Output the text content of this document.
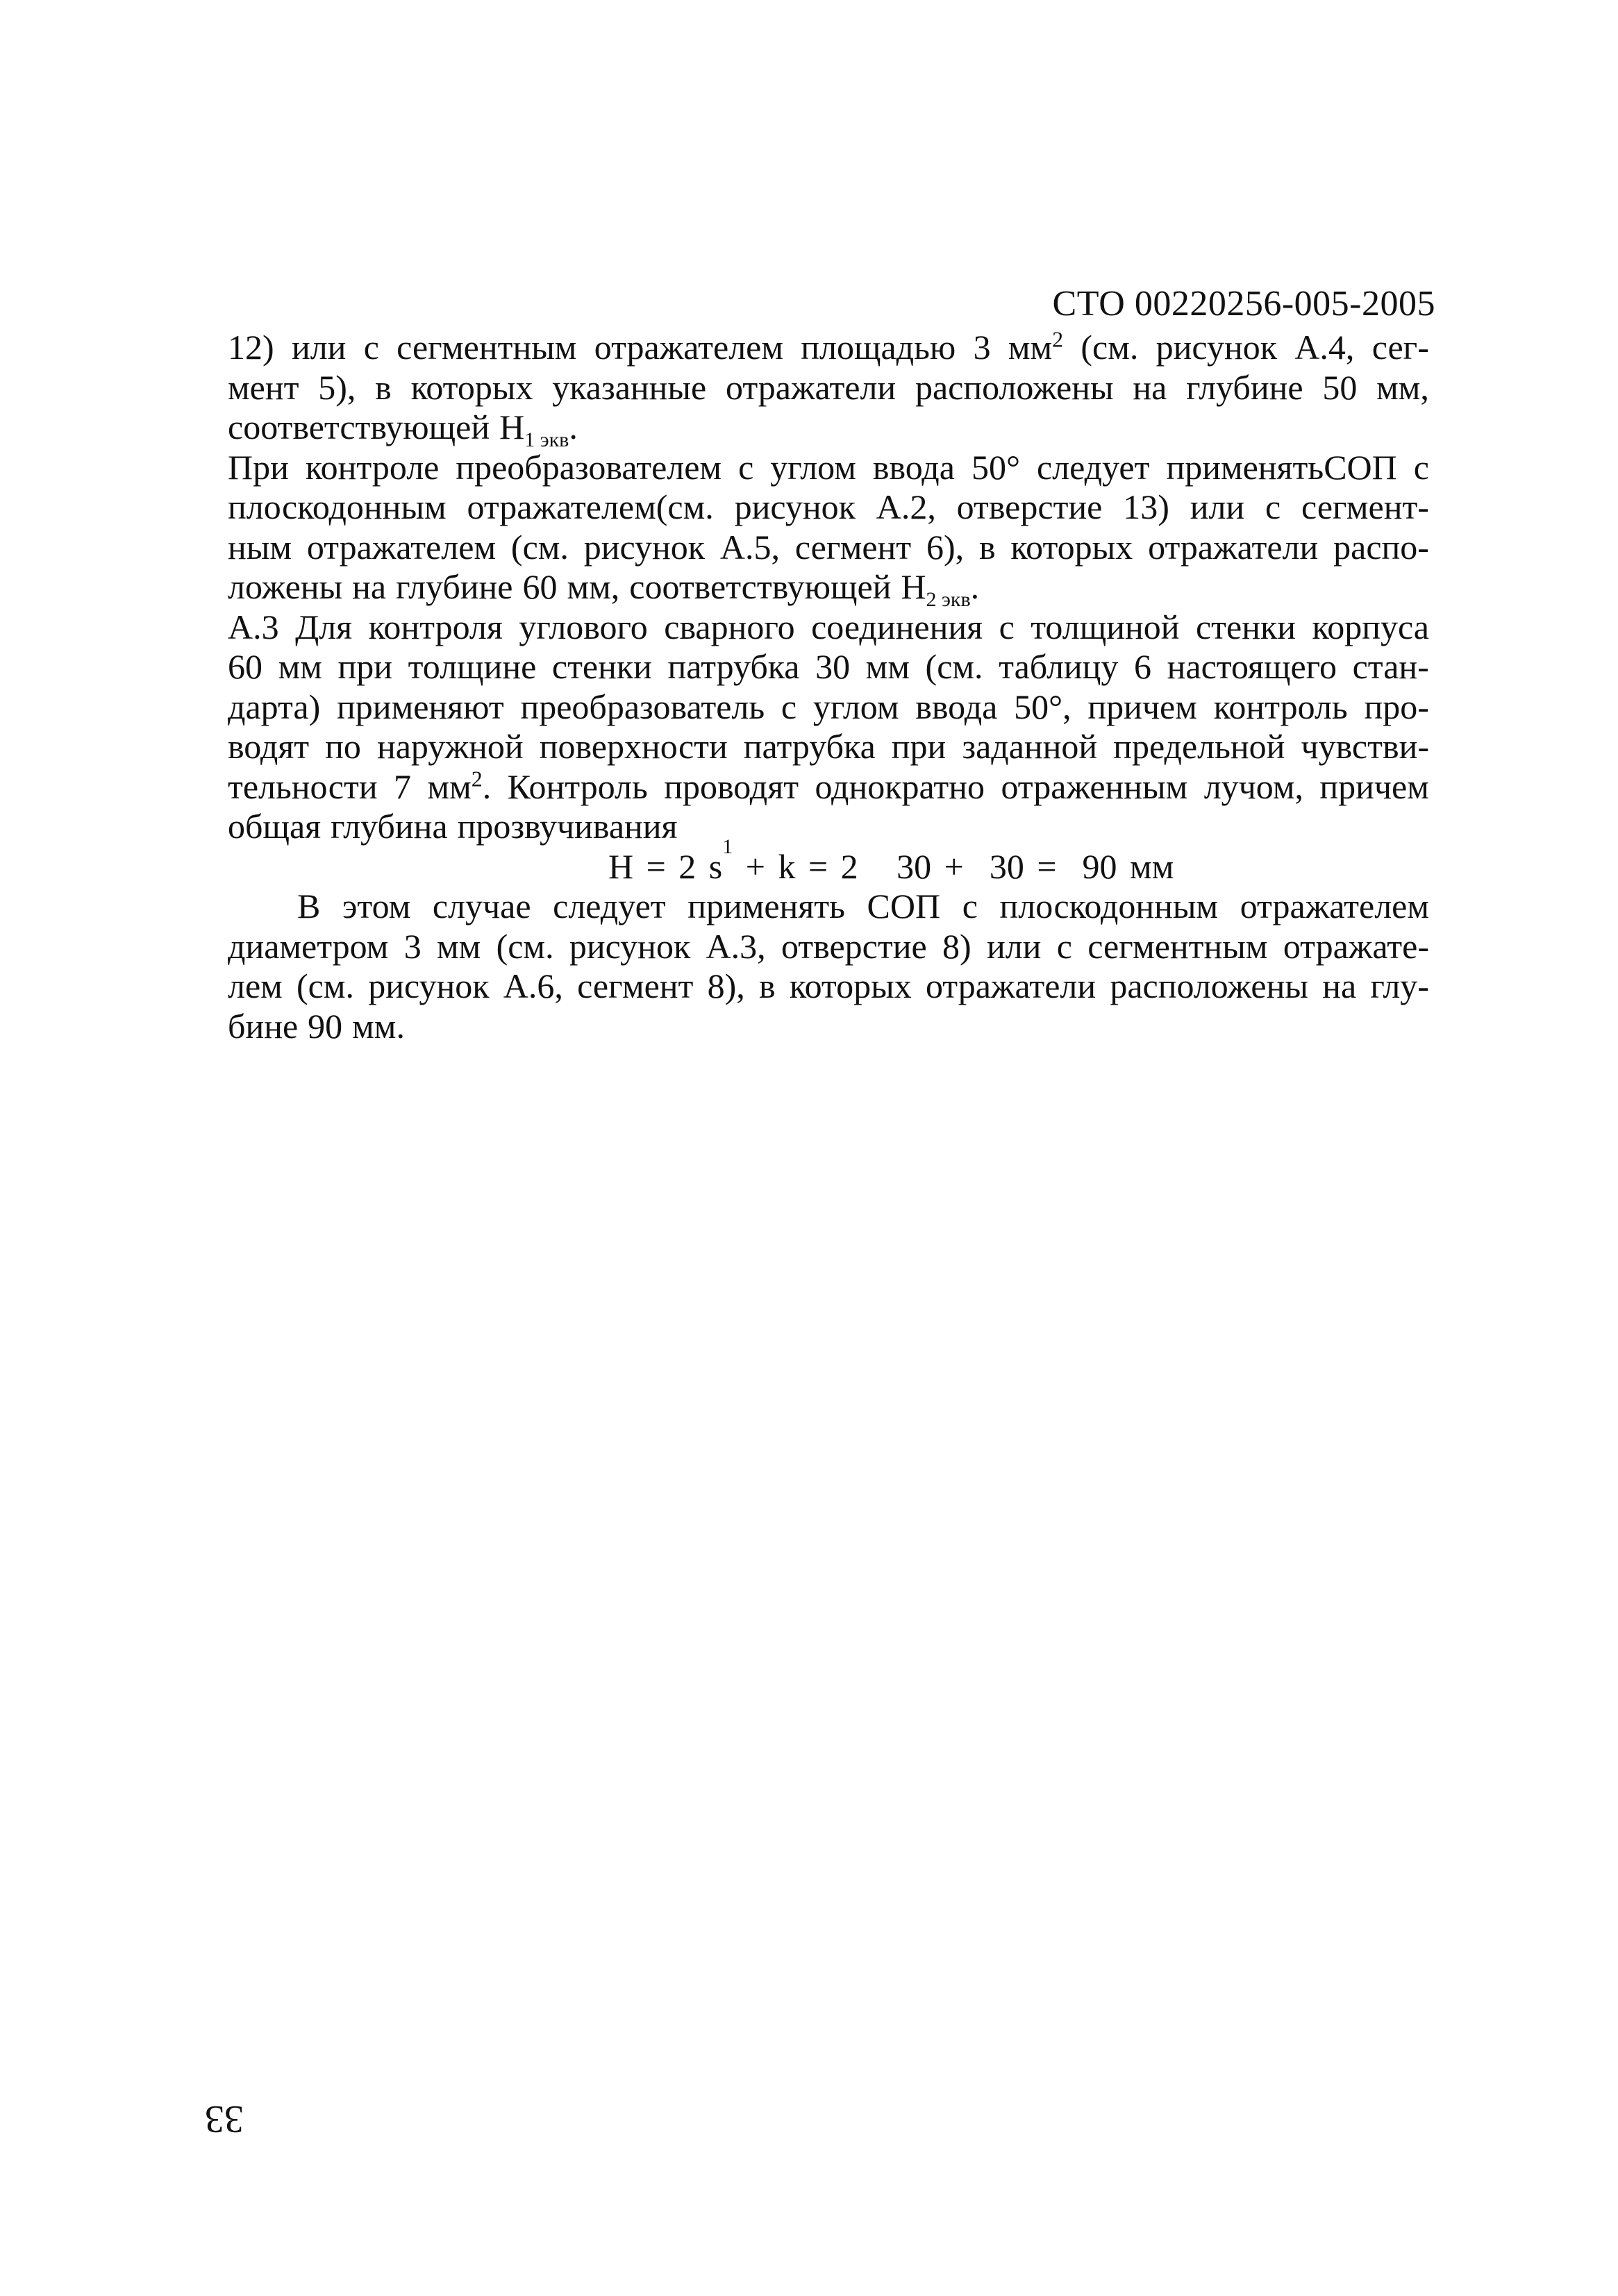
СТО 00220256-005-2005
12) или с сегментным отражателем площадью 3 $мм^2$ (см. рисунок А.4, сег-
мент 5), в которых указанные отражатели расположены на глубине 50 мм,
соответствующей $Н_{1 экв}$.
При контроле преобразователем с углом ввода 50° следует применятьСОП с
плоскодонным отражателем(см. рисунок А.2, отверстие 13) или с сегмент-
ным отражателем (см. рисунок А.5, сегмент 6), в которых отражатели распо-
ложены на глубине 60 мм, соответствующей $Н_{2 экв}$.
А.3 Для контроля углового сварного соединения с толщиной стенки корпуса
60 мм при толщине стенки патрубка 30 мм (см. таблицу 6 настоящего стан-
дарта) применяют преобразователь с углом ввода 50°, причем контроль про-
водят по наружной поверхности патрубка при заданной предельной чувстви-
тельности 7 $мм^2$. Контроль проводят однократно отраженным лучом, причем
общая глубина прозвучивания
H = 2 s
1
+ k = 2   30 +  30 =  90 мм
В этом случае следует применять СОП с плоскодонным отражателем
диаметром 3 мм (см. рисунок А.3, отверстие 8) или с сегментным отражате-
лем (см. рисунок А.6, сегмент 8), в которых отражатели расположены на глу-
бине 90 мм.
33
